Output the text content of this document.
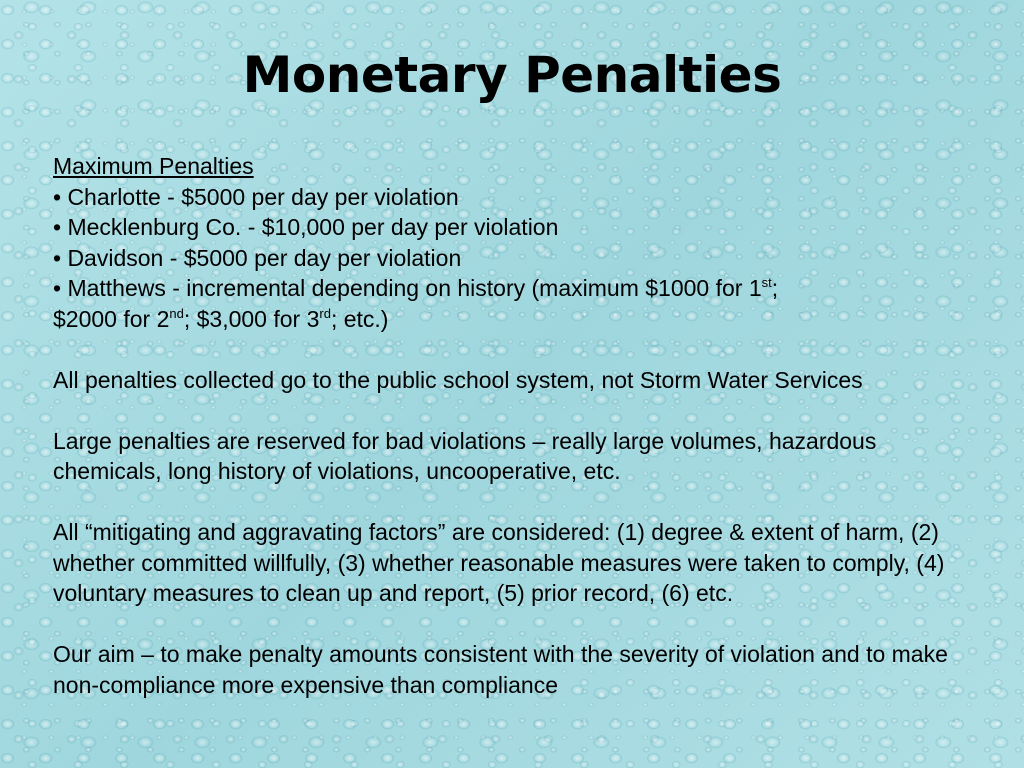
Monetary Penalties

Maximum Penalties

• Charlotte - $5000 per day per violation

• Mecklenburg Co. - $10,000 per day per violation

• Davidson - $5000 per day per violation

• Matthews - incremental depending on history (maximum $1000 for 1st;
$2000 for 2nd; $3,000 for 3rd; etc.)

All penalties collected go to the public school system, not Storm Water Services

Large penalties are reserved for bad violations – really large volumes, hazardous chemicals, long history of violations, uncooperative, etc.

All “mitigating and aggravating factors” are considered: (1) degree & extent of harm, (2) whether committed willfully, (3) whether reasonable measures were taken to comply, (4) voluntary measures to clean up and report, (5) prior record, (6) etc.

Our aim – to make penalty amounts consistent with the severity of violation and to make non-compliance more expensive than compliance
